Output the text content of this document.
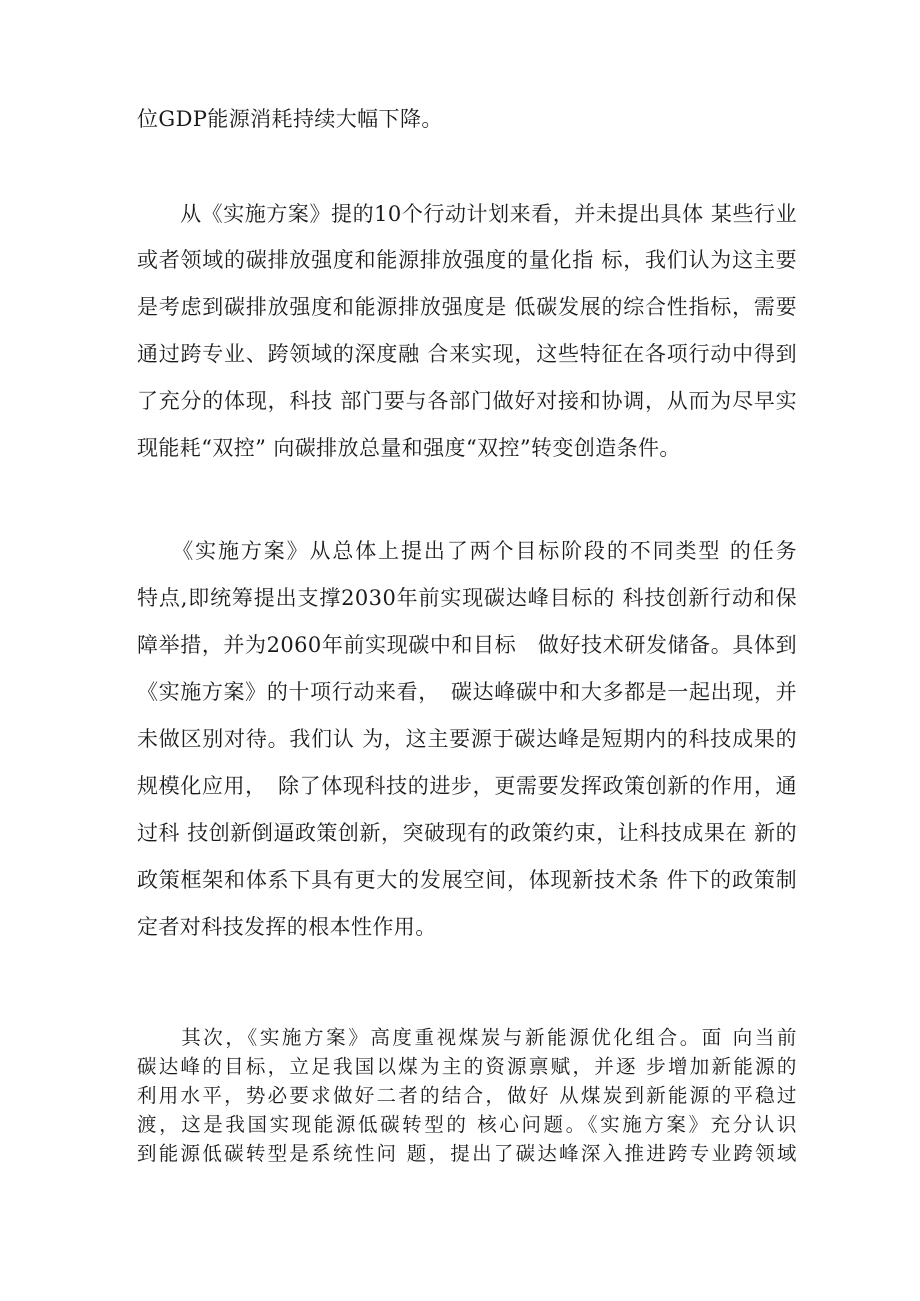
位GDP能源消耗持续大幅下降。
　　从《实施方案》提的10个行动计划来看，并未提出具体 某些行业
或者领域的碳排放强度和能源排放强度的量化指 标，我们认为这主要
是考虑到碳排放强度和能源排放强度是 低碳发展的综合性指标，需要
通过跨专业、跨领域的深度融 合来实现，这些特征在各项行动中得到
了充分的体现，科技 部门要与各部门做好对接和协调，从而为尽早实
现能耗“双控” 向碳排放总量和强度“双控”转变创造条件。
　　《实施方案》从总体上提出了两个目标阶段的不同类型 的任务
特点,即统筹提出支撑2030年前实现碳达峰目标的 科技创新行动和保
障举措，并为2060年前实现碳中和目标　做好技术研发储备。具体到
《实施方案》的十项行动来看，　碳达峰碳中和大多都是一起出现，并
未做区别对待。我们认 为，这主要源于碳达峰是短期内的科技成果的
规模化应用，　除了体现科技的进步，更需要发挥政策创新的作用，通
过科 技创新倒逼政策创新，突破现有的政策约束，让科技成果在 新的
政策框架和体系下具有更大的发展空间，体现新技术条 件下的政策制
定者对科技发挥的根本性作用。
　　其次，《实施方案》高度重视煤炭与新能源优化组合。面 向当前
碳达峰的目标，立足我国以煤为主的资源禀赋，并逐 步增加新能源的
利用水平，势必要求做好二者的结合，做好 从煤炭到新能源的平稳过
渡，这是我国实现能源低碳转型的 核心问题。《实施方案》充分认识
到能源低碳转型是系统性问 题，提出了碳达峰深入推进跨专业跨领域
